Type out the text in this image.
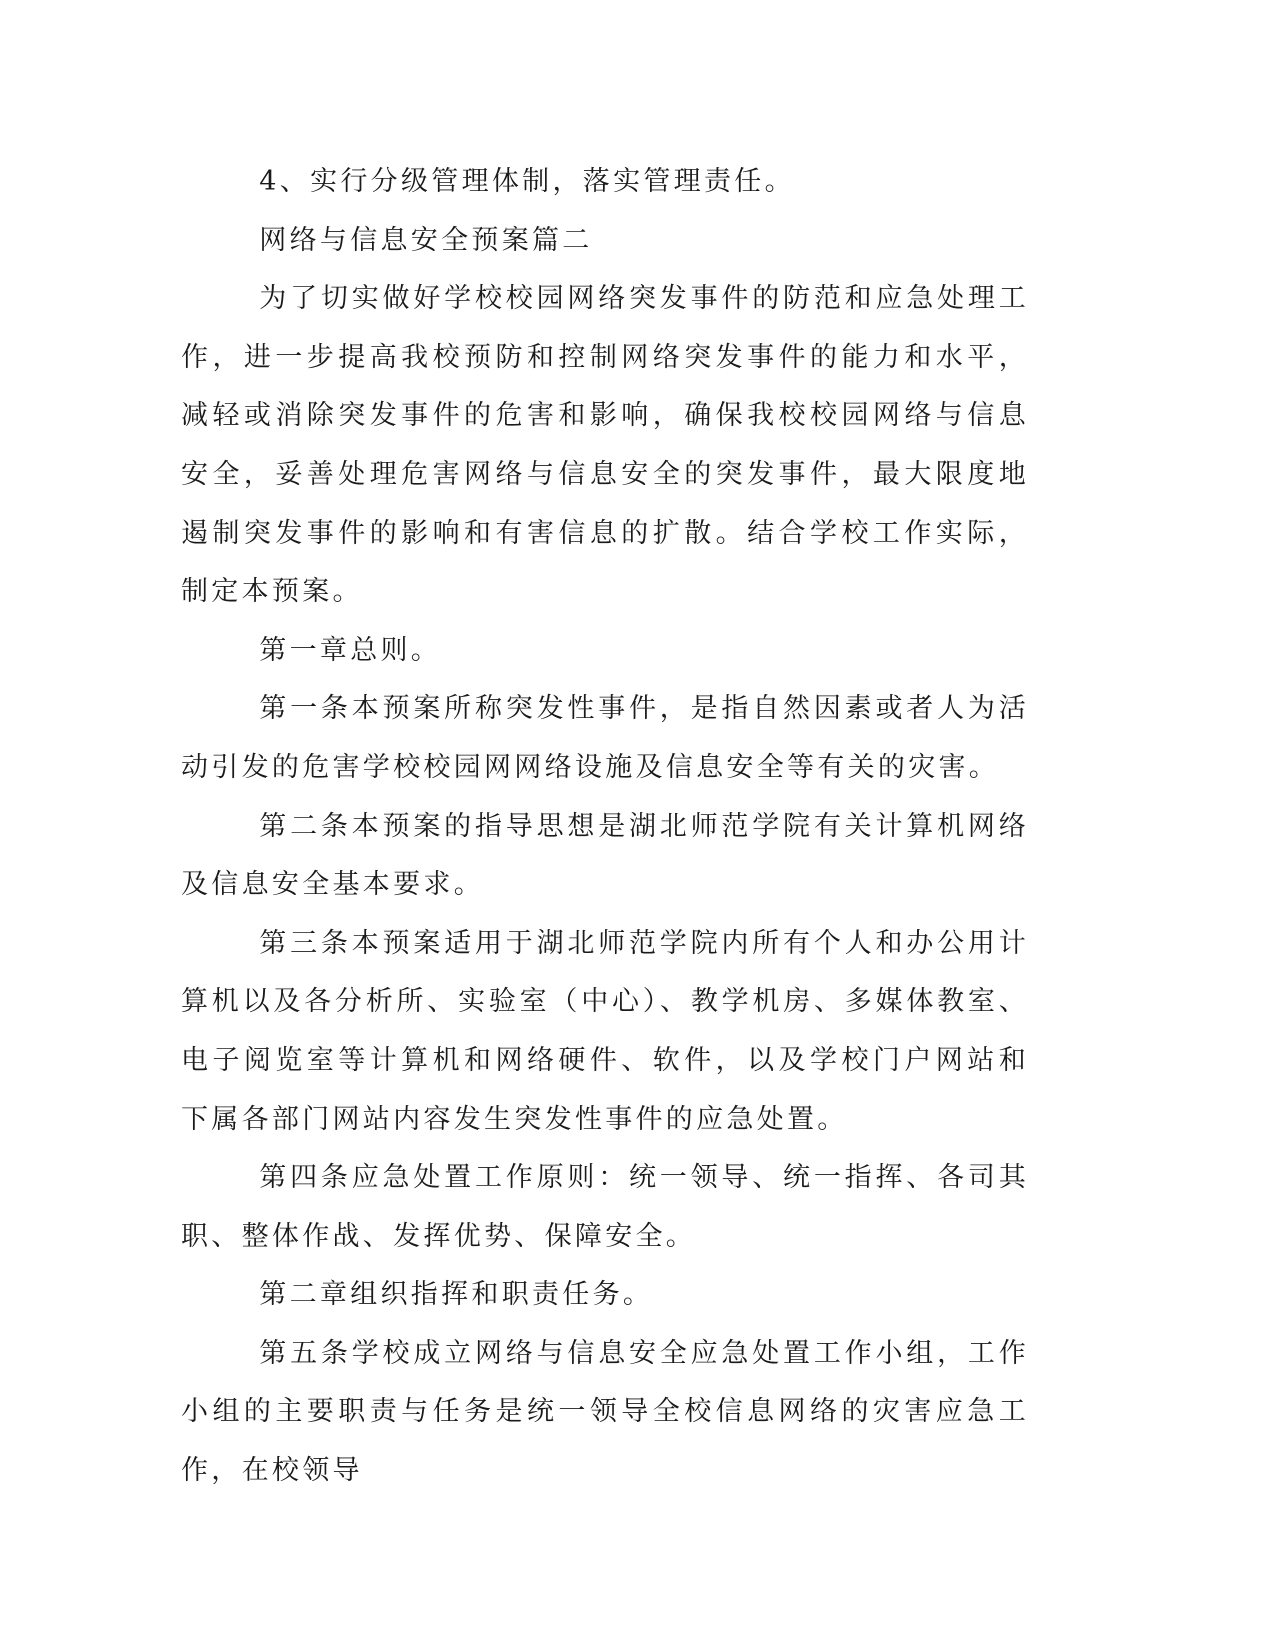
4、实行分级管理体制，落实管理责任。

网络与信息安全预案篇二

为了切实做好学校校园网络突发事件的防范和应急处理工作，进一步提高我校预防和控制网络突发事件的能力和水平，减轻或消除突发事件的危害和影响，确保我校校园网络与信息安全，妥善处理危害网络与信息安全的突发事件，最大限度地遏制突发事件的影响和有害信息的扩散。结合学校工作实际，制定本预案。

第一章总则。

第一条本预案所称突发性事件，是指自然因素或者人为活动引发的危害学校校园网网络设施及信息安全等有关的灾害。

第二条本预案的指导思想是湖北师范学院有关计算机网络及信息安全基本要求。

第三条本预案适用于湖北师范学院内所有个人和办公用计算机以及各分析所、实验室（中心）、教学机房、多媒体教室、电子阅览室等计算机和网络硬件、软件，以及学校门户网站和下属各部门网站内容发生突发性事件的应急处置。

第四条应急处置工作原则：统一领导、统一指挥、各司其职、整体作战、发挥优势、保障安全。

第二章组织指挥和职责任务。

第五条学校成立网络与信息安全应急处置工作小组，工作小组的主要职责与任务是统一领导全校信息网络的灾害应急工作，在校领导
